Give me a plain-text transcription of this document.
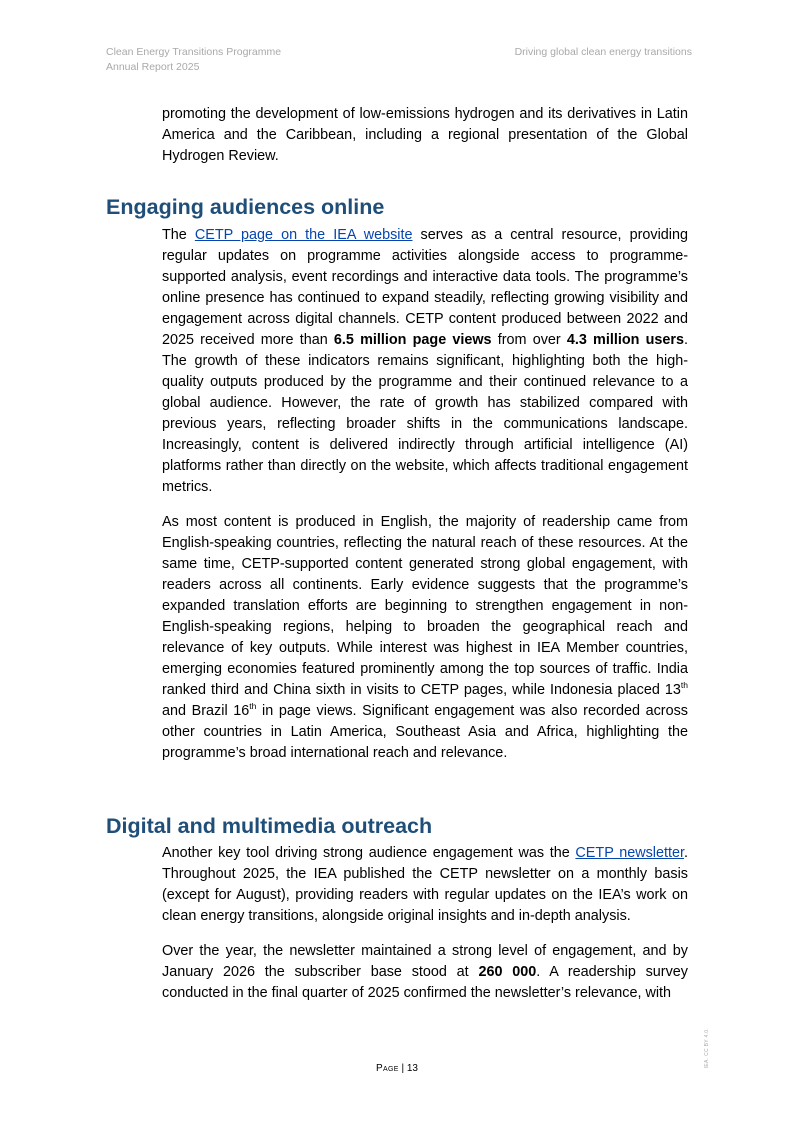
Clean Energy Transitions Programme
Annual Report 2025
Driving global clean energy transitions

promoting the development of low-emissions hydrogen and its derivatives in Latin America and the Caribbean, including a regional presentation of the Global Hydrogen Review.

Engaging audiences online

The CETP page on the IEA website serves as a central resource, providing regular updates on programme activities alongside access to programme-supported analysis, event recordings and interactive data tools. The programme’s online presence has continued to expand steadily, reflecting growing visibility and engagement across digital channels. CETP content produced between 2022 and 2025 received more than 6.5 million page views from over 4.3 million users. The growth of these indicators remains significant, highlighting both the high-quality outputs produced by the programme and their continued relevance to a global audience. However, the rate of growth has stabilized compared with previous years, reflecting broader shifts in the communications landscape. Increasingly, content is delivered indirectly through artificial intelligence (AI) platforms rather than directly on the website, which affects traditional engagement metrics.

As most content is produced in English, the majority of readership came from English-speaking countries, reflecting the natural reach of these resources. At the same time, CETP-supported content generated strong global engagement, with readers across all continents. Early evidence suggests that the programme’s expanded translation efforts are beginning to strengthen engagement in non-English-speaking regions, helping to broaden the geographical reach and relevance of key outputs. While interest was highest in IEA Member countries, emerging economies featured prominently among the top sources of traffic. India ranked third and China sixth in visits to CETP pages, while Indonesia placed 13th and Brazil 16th in page views. Significant engagement was also recorded across other countries in Latin America, Southeast Asia and Africa, highlighting the programme’s broad international reach and relevance.

Digital and multimedia outreach

Another key tool driving strong audience engagement was the CETP newsletter. Throughout 2025, the IEA published the CETP newsletter on a monthly basis (except for August), providing readers with regular updates on the IEA’s work on clean energy transitions, alongside original insights and in-depth analysis.

Over the year, the newsletter maintained a strong level of engagement, and by January 2026 the subscriber base stood at 260 000. A readership survey conducted in the final quarter of 2025 confirmed the newsletter’s relevance, with

Page | 13
IEA. CC BY 4.0.
